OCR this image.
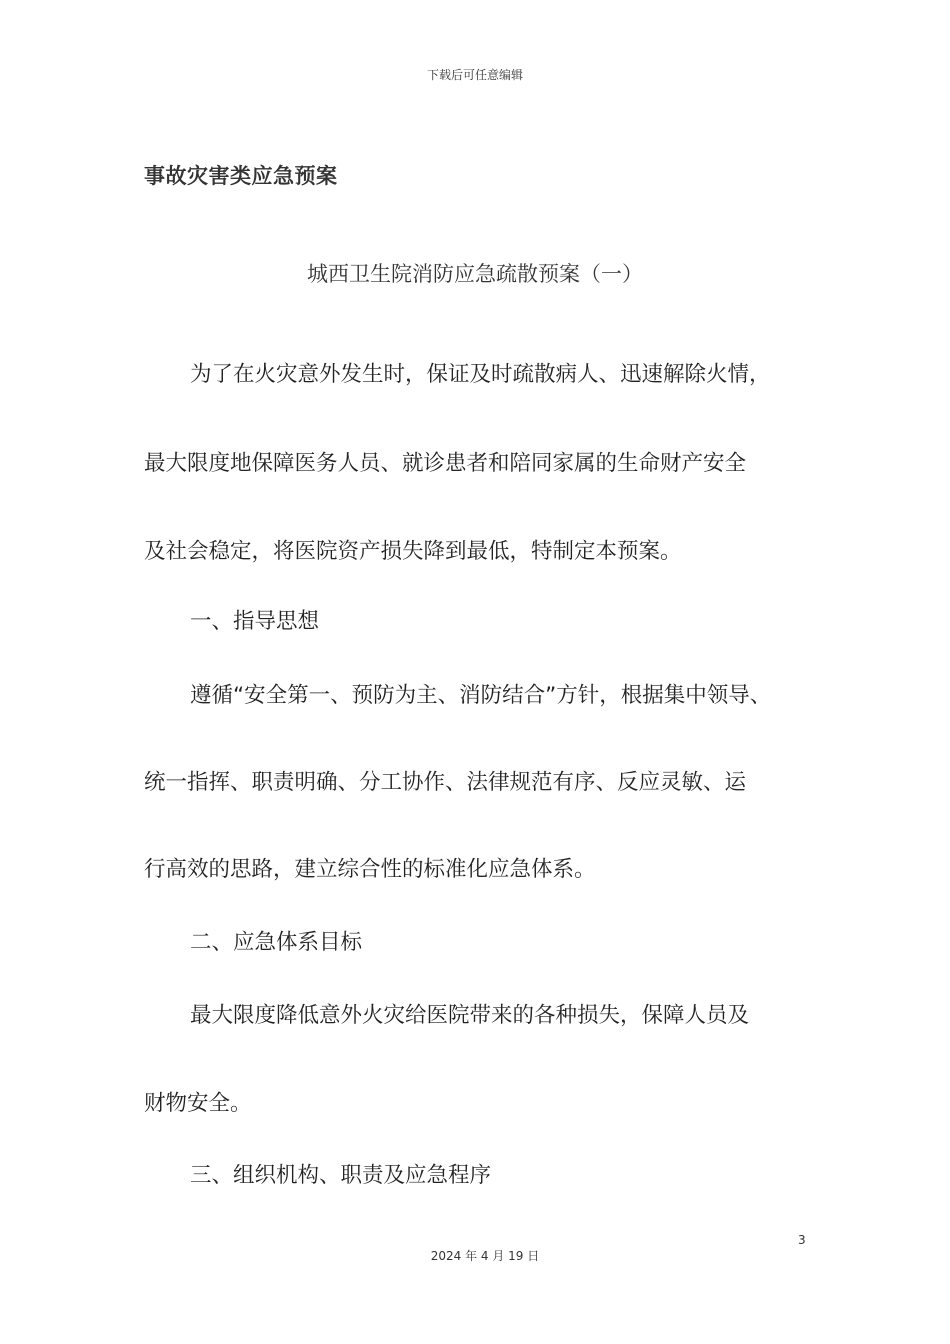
下载后可任意编辑
事故灾害类应急预案
城西卫生院消防应急疏散预案（一）
为了在火灾意外发生时，保证及时疏散病人、迅速解除火情，
最大限度地保障医务人员、就诊患者和陪同家属的生命财产安全
及社会稳定，将医院资产损失降到最低，特制定本预案。
一、指导思想
遵循“安全第一、预防为主、消防结合”方针，根据集中领导、
统一指挥、职责明确、分工协作、法律规范有序、反应灵敏、运
行高效的思路，建立综合性的标准化应急体系。
二、应急体系目标
最大限度降低意外火灾给医院带来的各种损失，保障人员及
财物安全。
三、组织机构、职责及应急程序
3
2024 年 4 月 19 日
